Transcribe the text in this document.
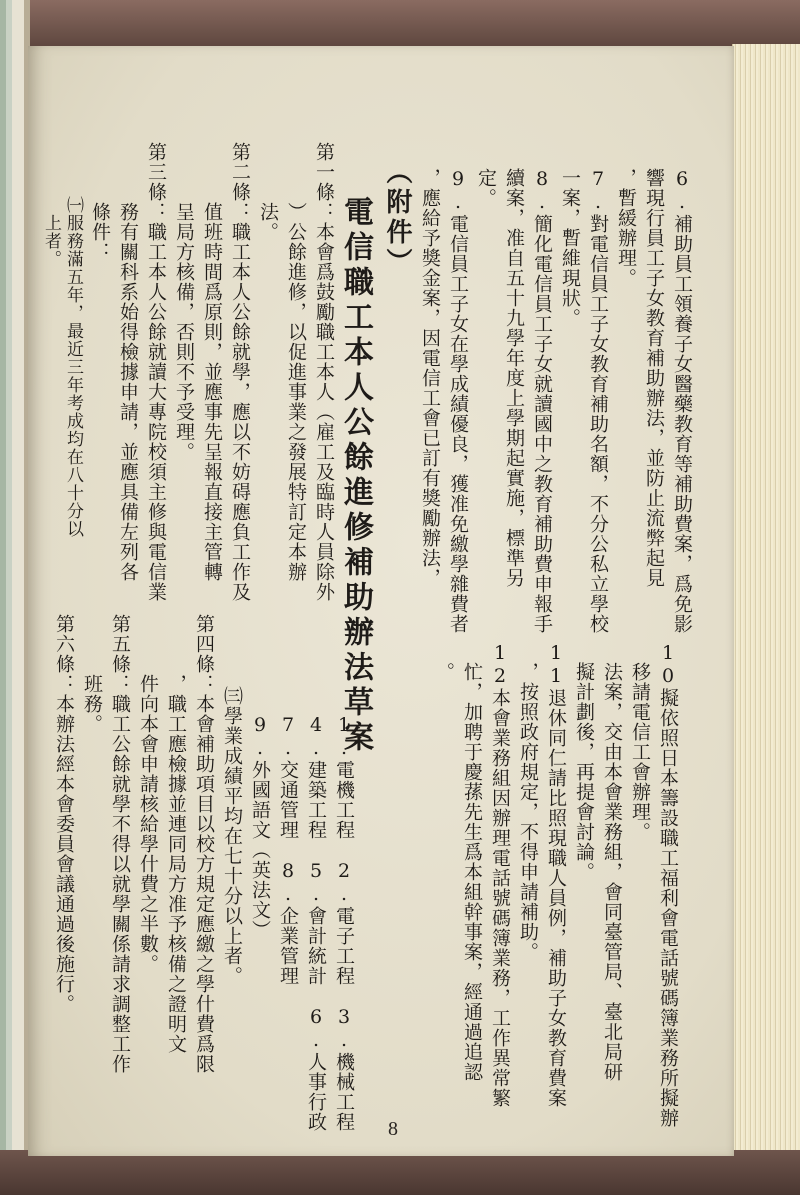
6.補助員工領養子女醫藥教育等補助費案，爲免影
響現行員工子女教育補助辦法，並防止流弊起見
，暫緩辦理。
7.對電信員工子女教育補助名額，不分公私立學校
一案，暫維現狀。
8.簡化電信員工子女就讀國中之教育補助費申報手
續案，准自五十九學年度上學期起實施，標準另
定。
9.電信員工子女在學成績優良，獲准免繳學雜費者
，應給予獎金案，因電信工會已訂有獎勵辦法，
（附件）
電信職工本人公餘進修補助辦法草案
第一條：本會爲鼓勵職工本人（雇工及臨時人員除外
　　　）公餘進修，以促進事業之發展特訂定本辦
　　　法。
第二條：職工本人公餘就學，應以不妨碍應負工作及
　　　值班時間爲原則，並應事先呈報直接主管轉
　　　呈局方核備，否則不予受理。
第三條：職工本人公餘就讀大專院校須主修與電信業
　　　務有關科系始得檢據申請，並應具備左列各
　　　條件：
　　　㈠服務滿五年，最近三年考成均在八十分以
　　　　上者。
10擬依照日本籌設職工福利會電話號碼簿業務所擬辦
　移請電信工會辦理。
　法案，交由本會業務組，會同臺管局、臺北局研
　擬計劃後，再提會討論。
11退休同仁請比照現職人員例，補助子女教育費案
　，按照政府規定，不得申請補助。
12本會業務組因辦理電話號碼簿業務，工作異常繁
　忙，加聘于慶蓀先生爲本組幹事案，經通過追認
　。
1.電機工程　2.電子工程　3.機械工程
4.建築工程　5.會計統計　6.人事行政
7.交通管理　8.企業管理
9.外國語文（英法文）
㈢學業成績平均在七十分以上者。
第四條：本會補助項目以校方規定應繳之學什費爲限
　　　，職工應檢據並連同局方准予核備之證明文
　　　件向本會申請核給學什費之半數。
第五條：職工公餘就學不得以就學關係請求調整工作
　　　班務。
第六條：本辦法經本會委員會議通過後施行。
8
